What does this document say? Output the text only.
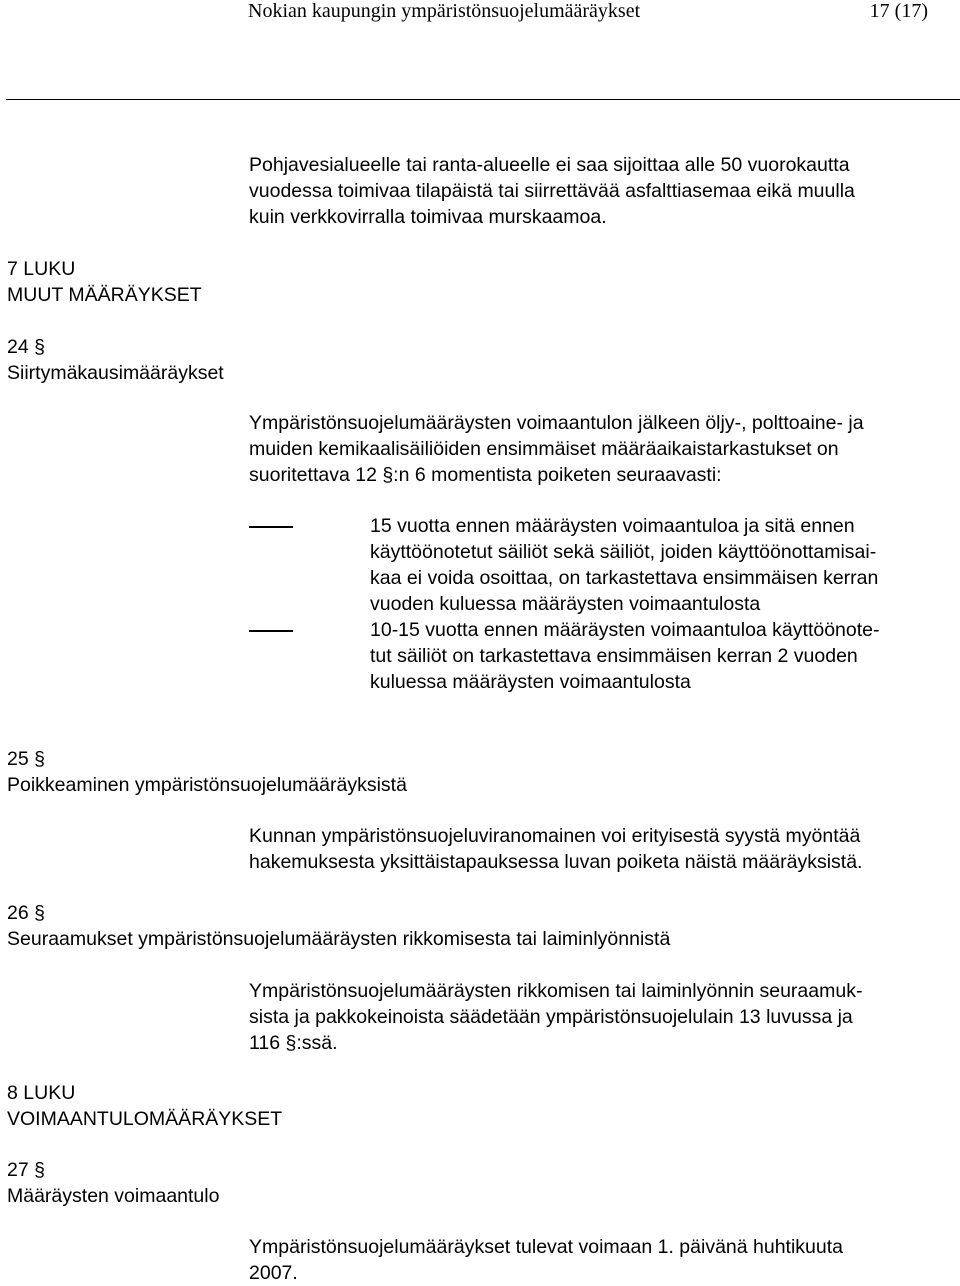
Nokian kaupungin ympäristönsuojelumääräykset	17 (17)
Pohjavesialueelle tai ranta-alueelle ei saa sijoittaa alle 50 vuorokautta
vuodessa toimivaa tilapäistä tai siirrettävää asfalttiasemaa eikä muulla
kuin verkkovirralla toimivaa murskaamoa.
7 LUKU
MUUT MÄÄRÄYKSET
24 §
Siirtymäkausimääräykset
Ympäristönsuojelumääräysten voimaantulon jälkeen öljy-, polttoaine- ja
muiden kemikaalisäiliöiden ensimmäiset määräaikaistarkastukset on
suoritettava 12 §:n 6 momentista poiketen seuraavasti:
15 vuotta ennen määräysten voimaantuloa ja sitä ennen
käyttöönotetut säiliöt sekä säiliöt, joiden käyttöönottamisai-
kaa ei voida osoittaa, on tarkastettava ensimmäisen kerran
vuoden kuluessa määräysten voimaantulosta
10-15 vuotta ennen määräysten voimaantuloa käyttöönote-
tut säiliöt on tarkastettava ensimmäisen kerran 2 vuoden
kuluessa määräysten voimaantulosta
25 §
Poikkeaminen ympäristönsuojelumääräyksistä
Kunnan ympäristönsuojeluviranomainen voi erityisestä syystä myöntää
hakemuksesta yksittäistapauksessa luvan poiketa näistä määräyksistä.
26 §
Seuraamukset ympäristönsuojelumääräysten rikkomisesta tai laiminlyönnistä
Ympäristönsuojelumääräysten rikkomisen tai laiminlyönnin seuraamuk-
sista ja pakkokeinoista säädetään ympäristönsuojelulain 13 luvussa ja
116 §:ssä.
8 LUKU
VOIMAANTULOMÄÄRÄYKSET
27 §
Määräysten voimaantulo
Ympäristönsuojelumääräykset tulevat voimaan 1. päivänä huhtikuuta
2007.
